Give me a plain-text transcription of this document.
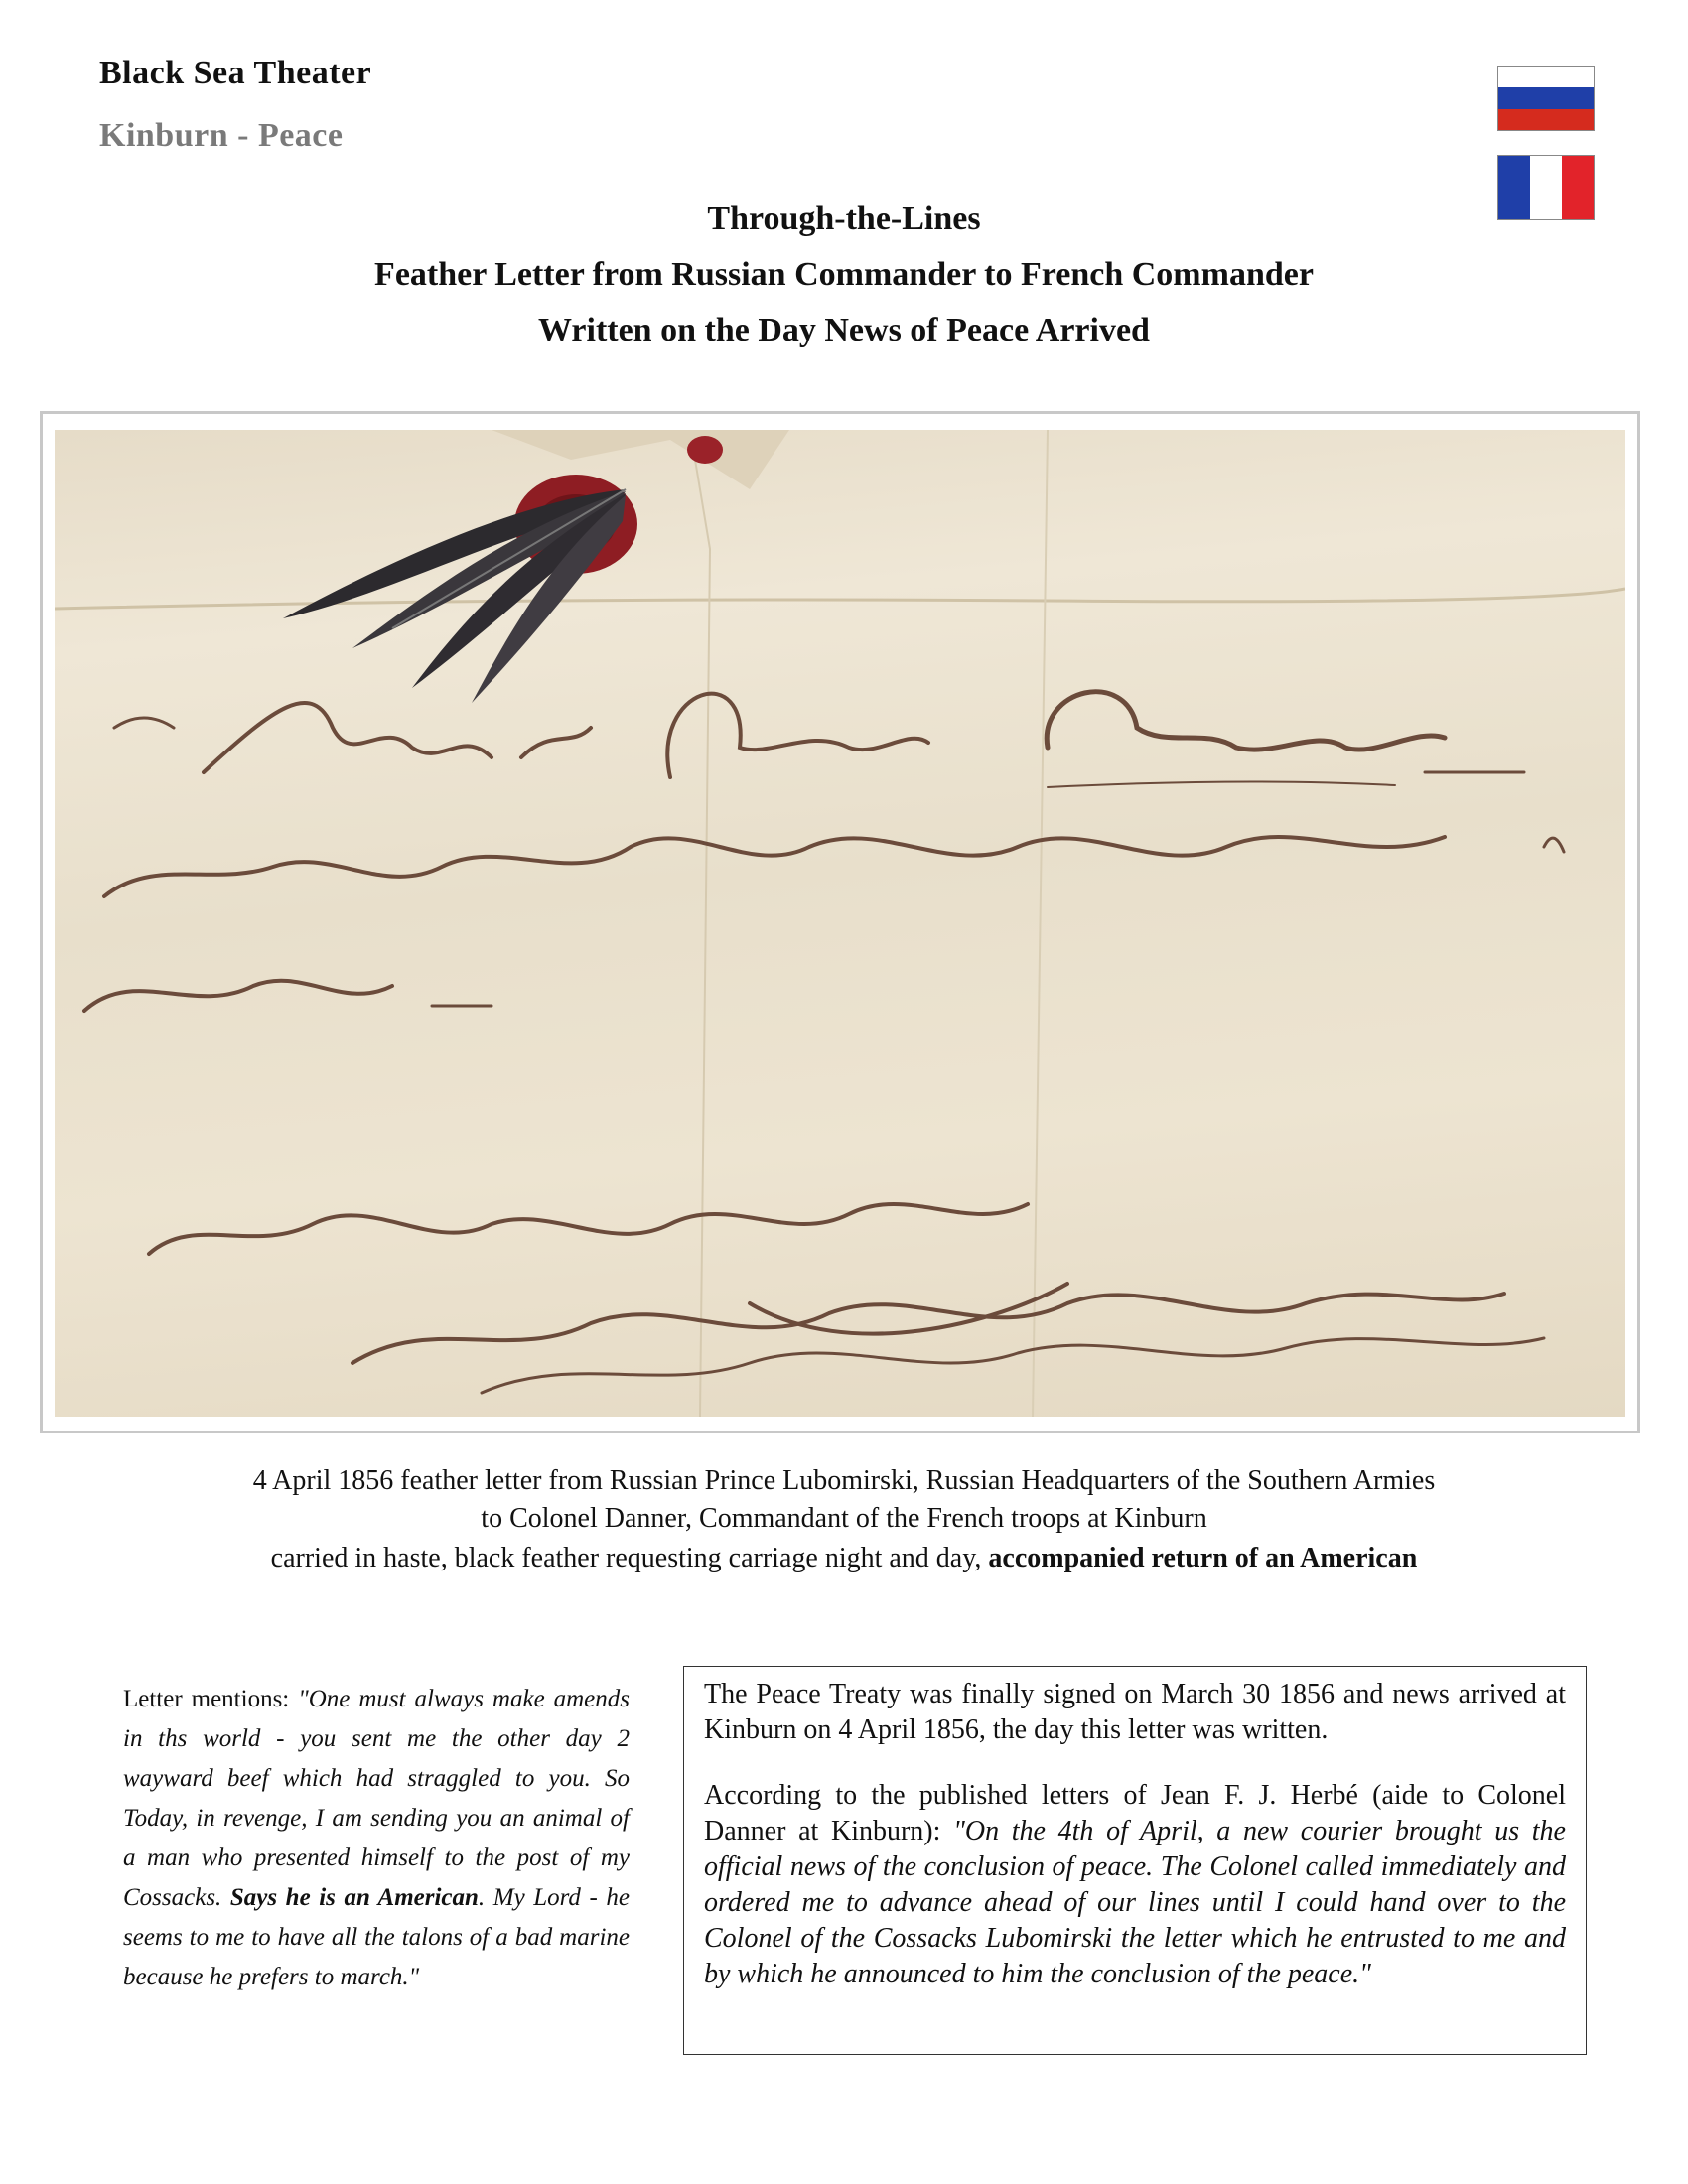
Black Sea Theater
Kinburn - Peace
Through-the-Lines
Feather Letter from Russian Commander to French Commander
Written on the Day News of Peace Arrived
4 April 1856 feather letter from Russian Prince Lubomirski, Russian Headquarters of the Southern Armies
to Colonel Danner, Commandant of the French troops at Kinburn
carried in haste, black feather requesting carriage night and day, accompanied return of an American
Letter mentions: "One must always make amends in ths world - you sent me the other day 2 wayward beef which had straggled to you. So Today, in revenge, I am sending you an animal of a man who presented himself to the post of my Cossacks. Says he is an American. My Lord - he seems to me to have all the talons of a bad marine because he prefers to march."

The Peace Treaty was finally signed on March 30 1856 and news arrived at Kinburn on 4 April 1856, the day this letter was written.

According to the published letters of Jean F. J. Herbé (aide to Colonel Danner at Kinburn): "On the 4th of April, a new courier brought us the official news of the conclusion of peace. The Colonel called immediately and ordered me to advance ahead of our lines until I could hand over to the Colonel of the Cossacks Lubomirski the letter which he entrusted to me and by which he announced to him the conclusion of the peace."
